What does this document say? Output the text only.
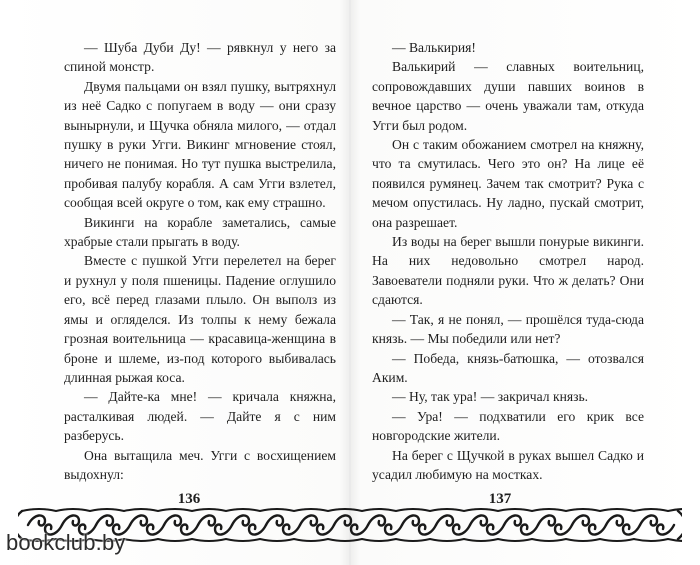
— Шуба Дуби Ду! — рявкнул у него за спиной монстр.

Двумя пальцами он взял пушку, вытряхнул из неё Садко с попугаем в воду — они сразу вынырнули, и Щучка обняла милого, — отдал пушку в руки Угги. Викинг мгновение стоял, ничего не понимая. Но тут пушка выстрелила, пробивая палубу корабля. А сам Угги взлетел, сообщая всей округе о том, как ему страшно.

Викинги на корабле заметались, самые храбрые стали прыгать в воду.

Вместе с пушкой Угги перелетел на берег и рухнул у поля пшеницы. Падение оглушило его, всё перед глазами плыло. Он выполз из ямы и огляделся. Из толпы к нему бежала грозная воительница — красавица-женщина в броне и шлеме, из-под которого выбивалась длинная рыжая коса.

— Дайте-ка мне! — кричала княжна, расталкивая людей. — Дайте я с ним разберусь.

Она вытащила меч. Угги с восхищением выдохнул:

— Валькирия!

Валькирий — славных воительниц, сопровождавших души павших воинов в вечное царство — очень уважали там, откуда Угги был родом.

Он с таким обожанием смотрел на княжну, что та смутилась. Чего это он? На лице её появился румянец. Зачем так смотрит? Рука с мечом опустилась. Ну ладно, пускай смотрит, она разрешает.

Из воды на берег вышли понурые викинги. На них недовольно смотрел народ. Завоеватели подняли руки. Что ж делать? Они сдаются.

— Так, я не понял, — прошёлся туда-сюда князь. — Мы победили или нет?

— Победа, князь-батюшка, — отозвался Аким.

— Ну, так ура! — закричал князь.

— Ура! — подхватили его крик все новгородские жители.

На берег с Щучкой в руках вышел Садко и усадил любимую на мостках.

136	137
bookclub.by
